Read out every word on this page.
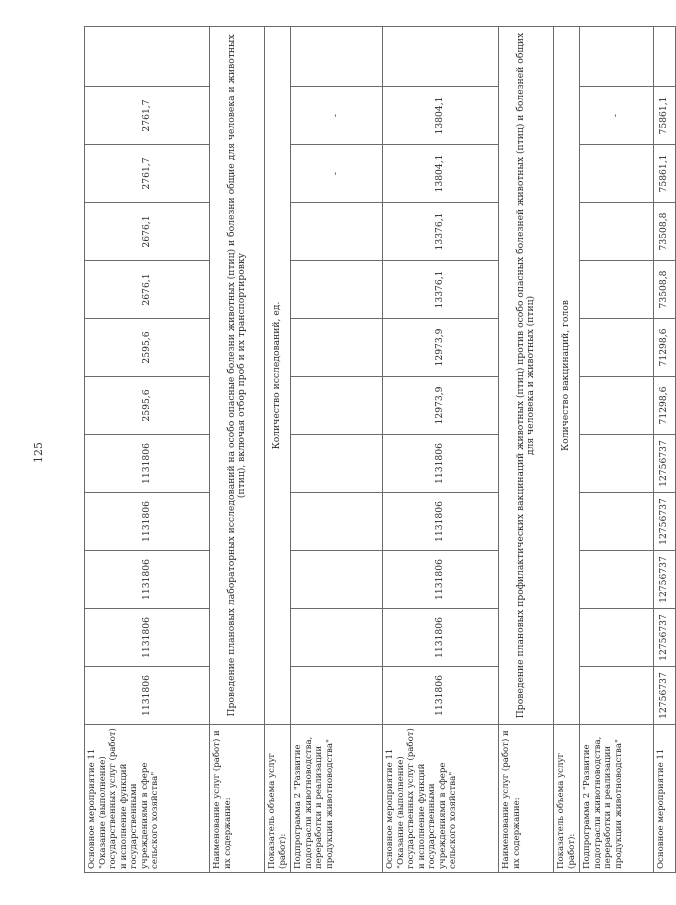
Основное мероприятие 11 "Оказание (выполнение) государственных услуг (работ) и исполнение функций государственными учреждениями в сфере сельского хозяйства"	1131806	1131806	1131806	1131806	1131806	2595,6	2595,6	2676,1	2676,1	2761,7	2761,7	
Наименование услуг (работ) и их содержание:	Проведение плановых лабораторных исследований на особо опасные болезни животных (птиц) и болезни общие для человека и животных (птиц), включая отбор проб и их транспортировку											
Показатель объема услуг (работ):	Количество исследований, ед.											
Подпрограмма 2 "Развитие подотрасли животноводства, переработки и реализации продукции животноводства"										-	-	
Основное мероприятие 11 "Оказание (выполнение) государственных услуг (работ) и исполнение функций государственными учреждениями в сфере сельского хозяйства"	1131806	1131806	1131806	1131806	1131806	12973,9	12973,9	13376,1	13376,1	13804,1	13804,1	
Наименование услуг (работ) и их содержание:	Проведение плановых профилактических вакцинаций животных (птиц) против особо опасных болезней животных (птиц) и болезней общих для человека и животных (птиц)											
Показатель объема услуг (работ):	Количество вакцинаций, голов											
Подпрограмма 2 "Развитие подотрасли животноводства, переработки и реализации продукции животноводства"											-	
Основное мероприятие 11	12756737	12756737	12756737	12756737	12756737	71298,6	71298,6	73508,8	73508,8	75861,1	75861,1	
125
